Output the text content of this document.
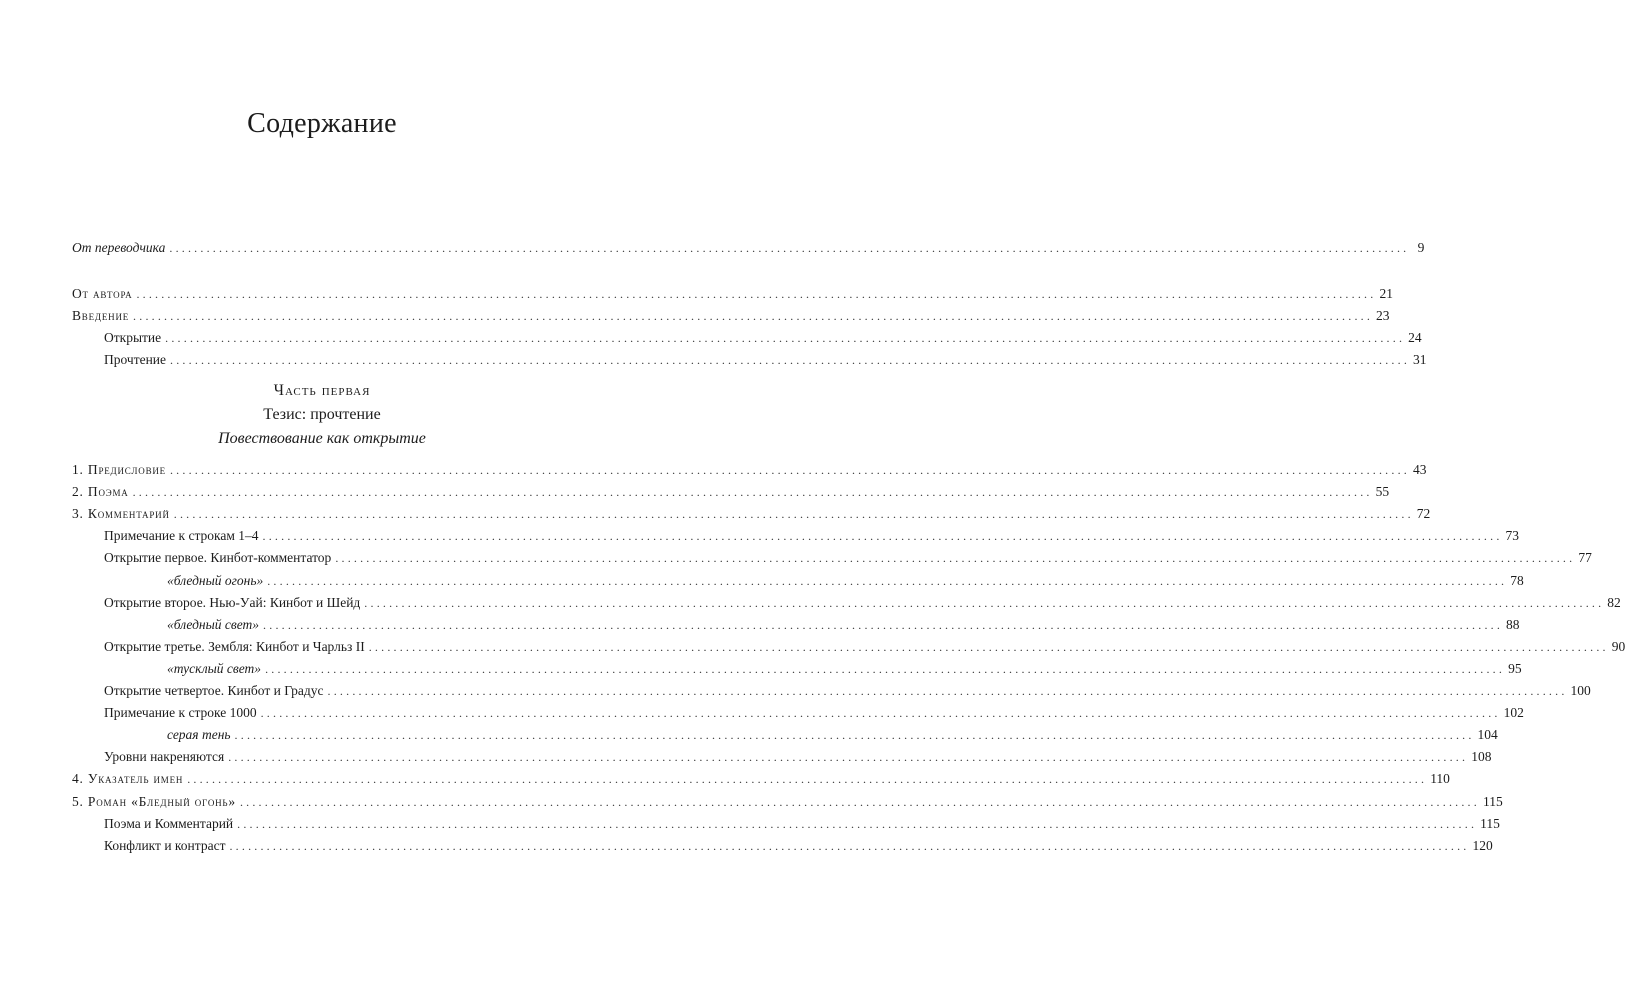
Содержание
От переводчика ........................................................................................................................................................................................................ 9
От автора ........................................................................................................................................................................................................ 21
Введение ........................................................................................................................................................................................................ 23
Открытие ........................................................................................................................................................................................................ 24
Прочтение ........................................................................................................................................................................................................ 31
Часть первая
Тезис: прочтение
Повествование как открытие
1. Предисловие ........................................................................................................................................................................................................ 43
2. Поэма ........................................................................................................................................................................................................ 55
3. Комментарий ........................................................................................................................................................................................................ 72
Примечание к строкам 1–4 ........................................................................................................................................................................................................ 73
Открытие первое. Кинбот-комментатор ........................................................................................................................................................................................................ 77
«бледный огонь» ........................................................................................................................................................................................................ 78
Открытие второе. Нью-Уай: Кинбот и Шейд ........................................................................................................................................................................................................ 82
«бледный свет» ........................................................................................................................................................................................................ 88
Открытие третье. Зембля: Кинбот и Чарльз II ........................................................................................................................................................................................................ 90
«тусклый свет» ........................................................................................................................................................................................................ 95
Открытие четвертое. Кинбот и Градус ........................................................................................................................................................................................................ 100
Примечание к строке 1000 ........................................................................................................................................................................................................ 102
серая тень ........................................................................................................................................................................................................ 104
Уровни накреняются ........................................................................................................................................................................................................ 108
4. Указатель имен ........................................................................................................................................................................................................ 110
5. Роман «Бледный огонь» ........................................................................................................................................................................................................ 115
Поэма и Комментарий ........................................................................................................................................................................................................ 115
Конфликт и контраст ........................................................................................................................................................................................................ 120
